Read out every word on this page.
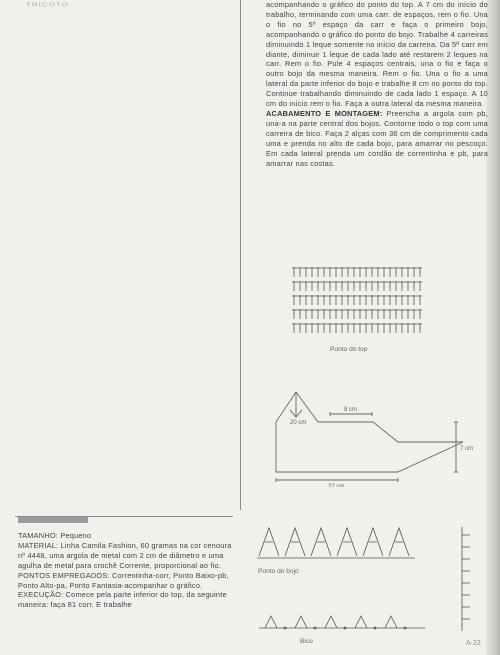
TRICOTO	acompanhando o gráfico do ponto do top. A 7 cm do início do trabalho, terminando com uma carr. de espaços, rem o fio. Una o fio no 5º espaço da carr e faça o primeiro bojo, acompanhando o gráfico do ponto do bojo. Trabalhe 4 carreiras diminuindo 1 leque somente no início da carreira. Da 5ª carr em diante, diminuir 1 leque de cada lado até restarem 2 leques na carr. Rem o fio. Pule 4 espaços centrais, una o fio e faça o outro bojo da mesma maneira. Rem o fio. Una o fio a uma lateral da parte inferior do bojo e trabalhe 8 cm no ponto do top. Continue trabalhando diminuindo de cada lado 1 espaço. A 10 cm do início rem o fio. Faça a outra lateral da mesma maneira.

ACABAMENTO E MONTAGEM: Preencha a argola com pb, una-a na parte central dos bojos. Contorne todo o top com uma carreira de bico. Faça 2 alças com 36 cm de comprimento cada uma e prenda no alto de cada bojo, para amarrar no pescoço. Em cada lateral prenda um cordão de correntinha e pb, para amarrar nas costas.

Ponto do top
20 cm
8 cm
22 cm
7 cm
Ponto do bojo
Bico

TAMANHO: Pequeno

MATERIAL: Linha Camila Fashion, 60 gramas na cor cenoura nº 4448, uma argola de metal com 2 cm de diâmetro e uma agulha de metal para crochê Corrente, proporcional ao fio.

PONTOS EMPREGADOS: Correntinha-corr, Ponto Baixo-pb, Ponto Alto-pa, Ponto Fantasia-acompanhar o gráfico.

EXECUÇÃO: Comece pela parte inferior do top, da seguinte maneira: faça 81 corr. E trabalhe

A-22
